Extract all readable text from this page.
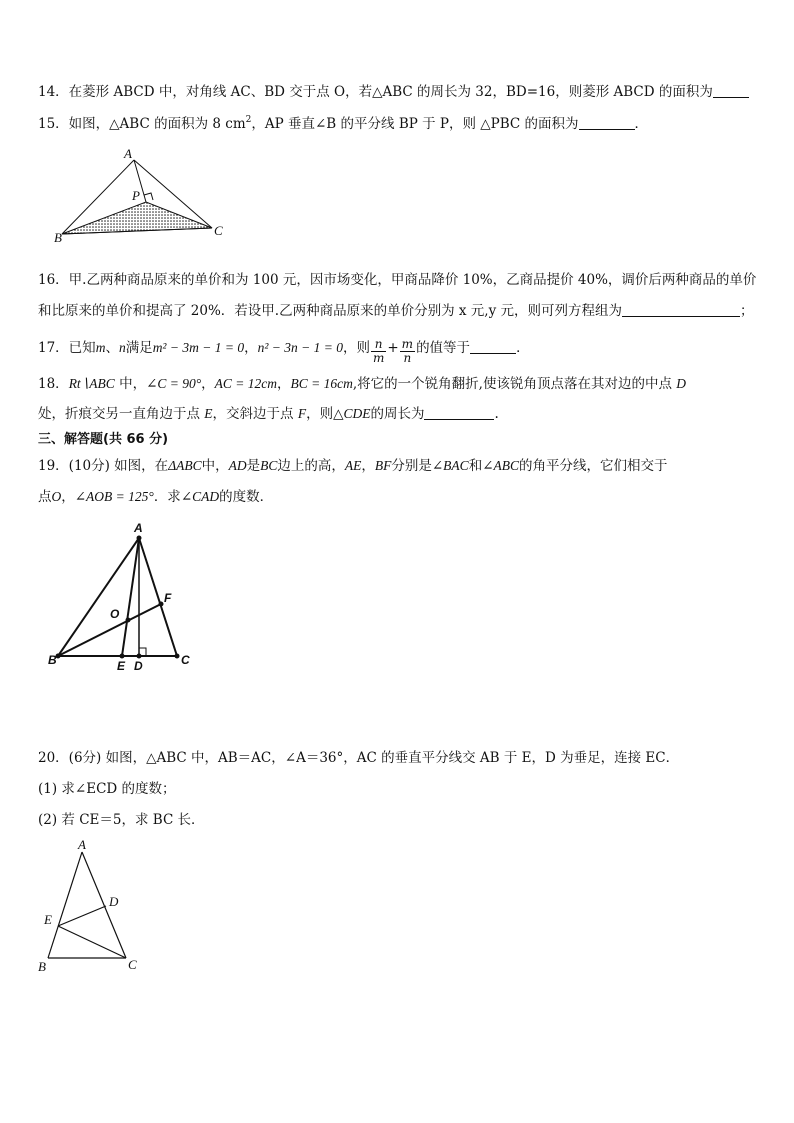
14．在菱形 ABCD 中，对角线 AC、BD 交于点 O，若△ABC 的周长为 32，BD=16，则菱形 ABCD 的面积为
15．如图，△ABC 的面积为 8 $cm^2$，AP 垂直∠B 的平分线 BP 于 P，则 △PBC 的面积为	．
A
P
B	C
16．甲.乙两种商品原来的单价和为 100 元，因市场变化，甲商品降价 10%，乙商品提价 40%，调价后两种商品的单价
和比原来的单价和提高了 20%．若设甲.乙两种商品原来的单价分别为 x 元,y 元，则可列方程组为	；
17．已知m、n满足m² − 3m − 1 = 0，n² − 3n − 1 = 0，则 $\frac{n}{m} + \frac{m}{n}$ 的值等于	．
18．Rt∖ABC 中，∠C = 90°，AC = 12cm，BC = 16cm,将它的一个锐角翻折,使该锐角顶点落在其对边的中点 D
处，折痕交另一直角边于点 E，交斜边于点 F，则△CDE的周长为	.
三、解答题(共 66 分)
19．(10分) 如图，在ΔABC中，AD是BC边上的高，AE，BF分别是∠BAC和∠ABC的角平分线，它们相交于
点O，∠AOB = 125°．求∠CAD的度数．
A
O
F
B	E D	C
20．(6分) 如图，△ABC 中，AB＝AC，∠A＝36°，AC 的垂直平分线交 AB 于 E，D 为垂足，连接 EC．
(1) 求∠ECD 的度数；
(2) 若 CE＝5，求 BC 长．
A
D
E
B	C
